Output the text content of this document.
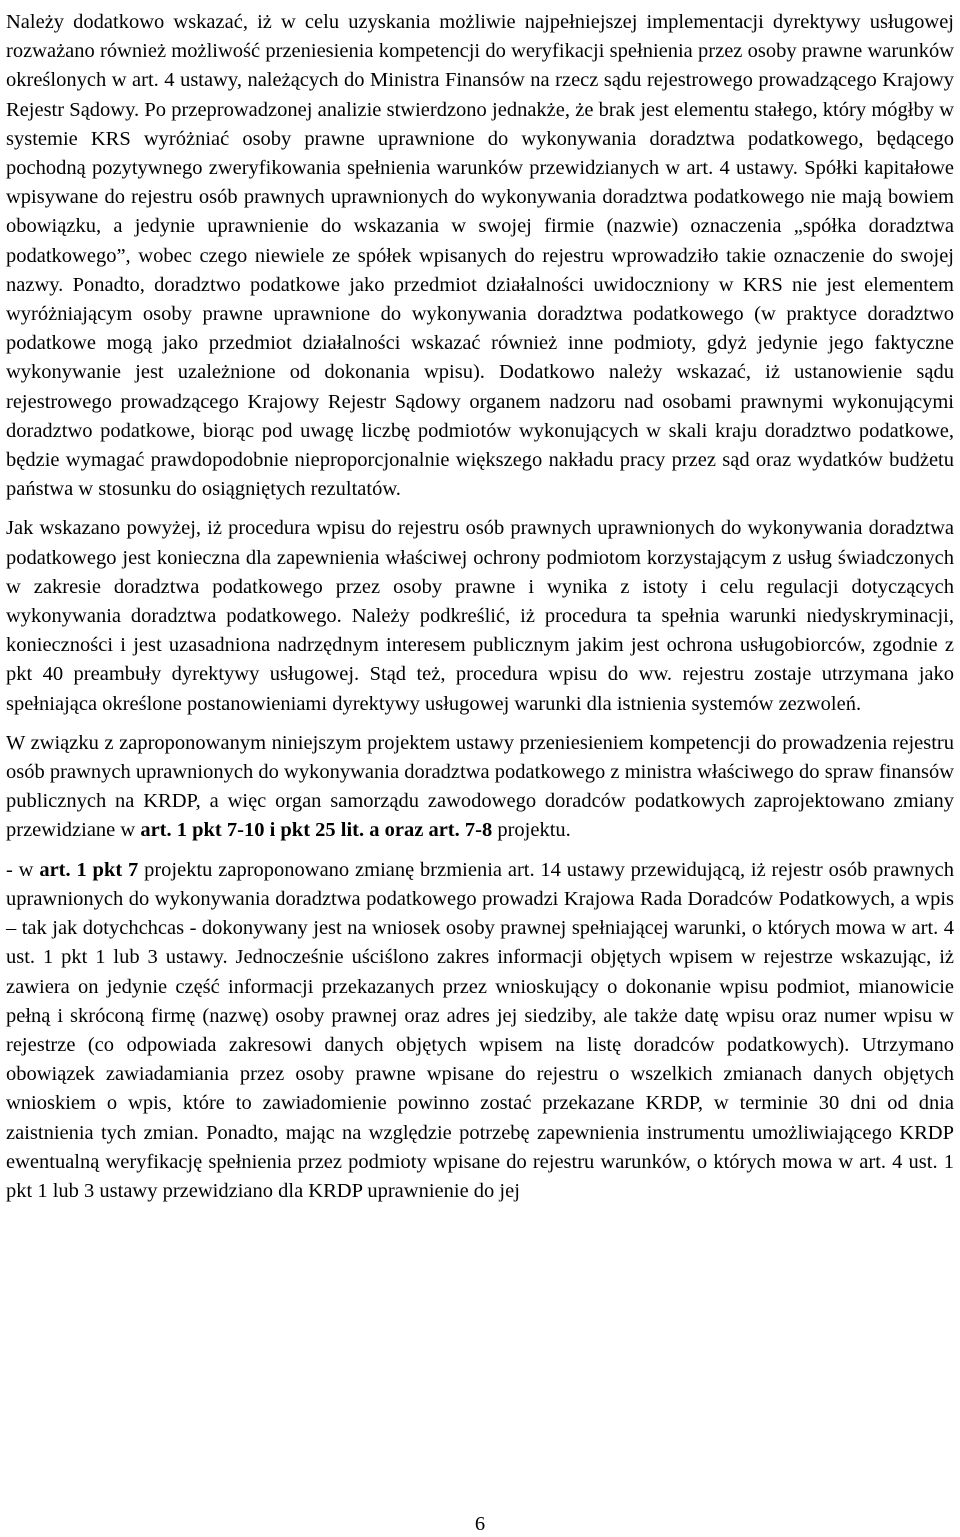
Należy dodatkowo wskazać, iż w celu uzyskania możliwie najpełniejszej implementacji dyrektywy usługowej rozważano również możliwość przeniesienia kompetencji do weryfikacji spełnienia przez osoby prawne warunków określonych w art. 4 ustawy, należących do Ministra Finansów na rzecz sądu rejestrowego prowadzącego Krajowy Rejestr Sądowy. Po przeprowadzonej analizie stwierdzono jednakże, że brak jest elementu stałego, który mógłby w systemie KRS wyróżniać osoby prawne uprawnione do wykonywania doradztwa podatkowego, będącego pochodną pozytywnego zweryfikowania spełnienia warunków przewidzianych w art. 4 ustawy. Spółki kapitałowe wpisywane do rejestru osób prawnych uprawnionych do wykonywania doradztwa podatkowego nie mają bowiem obowiązku, a jedynie uprawnienie do wskazania w swojej firmie (nazwie) oznaczenia „spółka doradztwa podatkowego”, wobec czego niewiele ze spółek wpisanych do rejestru wprowadziło takie oznaczenie do swojej nazwy. Ponadto, doradztwo podatkowe jako przedmiot działalności uwidoczniony w KRS nie jest elementem wyróżniającym osoby prawne uprawnione do wykonywania doradztwa podatkowego (w praktyce doradztwo podatkowe mogą jako przedmiot działalności wskazać również inne podmioty, gdyż jedynie jego faktyczne wykonywanie jest uzależnione od dokonania wpisu). Dodatkowo należy wskazać, iż ustanowienie sądu rejestrowego prowadzącego Krajowy Rejestr Sądowy organem nadzoru nad osobami prawnymi wykonującymi doradztwo podatkowe, biorąc pod uwagę liczbę podmiotów wykonujących w skali kraju doradztwo podatkowe, będzie wymagać prawdopodobnie nieproporcjonalnie większego nakładu pracy przez sąd oraz wydatków budżetu państwa w stosunku do osiągniętych rezultatów.

Jak wskazano powyżej, iż procedura wpisu do rejestru osób prawnych uprawnionych do wykonywania doradztwa podatkowego jest konieczna dla zapewnienia właściwej ochrony podmiotom korzystającym z usług świadczonych w zakresie doradztwa podatkowego przez osoby prawne i wynika z istoty i celu regulacji dotyczących wykonywania doradztwa podatkowego. Należy podkreślić, iż procedura ta spełnia warunki niedyskryminacji, konieczności i jest uzasadniona nadrzędnym interesem publicznym jakim jest ochrona usługobiorców, zgodnie z pkt 40 preambuły dyrektywy usługowej. Stąd też, procedura wpisu do ww. rejestru zostaje utrzymana jako spełniająca określone postanowieniami dyrektywy usługowej warunki dla istnienia systemów zezwoleń.

W związku z zaproponowanym niniejszym projektem ustawy przeniesieniem kompetencji do prowadzenia rejestru osób prawnych uprawnionych do wykonywania doradztwa podatkowego z ministra właściwego do spraw finansów publicznych na KRDP, a więc organ samorządu zawodowego doradców podatkowych zaprojektowano zmiany przewidziane w art. 1 pkt 7-10 i pkt 25 lit. a oraz art. 7-8 projektu.

- w art. 1 pkt 7 projektu zaproponowano zmianę brzmienia art. 14 ustawy przewidującą, iż rejestr osób prawnych uprawnionych do wykonywania doradztwa podatkowego prowadzi Krajowa Rada Doradców Podatkowych, a wpis – tak jak dotychchcas - dokonywany jest na wniosek osoby prawnej spełniającej warunki, o których mowa w art. 4 ust. 1 pkt 1 lub 3 ustawy. Jednocześnie uściślono zakres informacji objętych wpisem w rejestrze wskazując, iż zawiera on jedynie część informacji przekazanych przez wnioskujący o dokonanie wpisu podmiot, mianowicie pełną i skróconą firmę (nazwę) osoby prawnej oraz adres jej siedziby, ale także datę wpisu oraz numer wpisu w rejestrze (co odpowiada zakresowi danych objętych wpisem na listę doradców podatkowych). Utrzymano obowiązek zawiadamiania przez osoby prawne wpisane do rejestru o wszelkich zmianach danych objętych wnioskiem o wpis, które to zawiadomienie powinno zostać przekazane KRDP, w terminie 30 dni od dnia zaistnienia tych zmian. Ponadto, mając na względzie potrzebę zapewnienia instrumentu umożliwiającego KRDP ewentualną weryfikację spełnienia przez podmioty wpisane do rejestru warunków, o których mowa w art. 4 ust. 1 pkt 1 lub 3 ustawy przewidziano dla KRDP uprawnienie do jej

6
